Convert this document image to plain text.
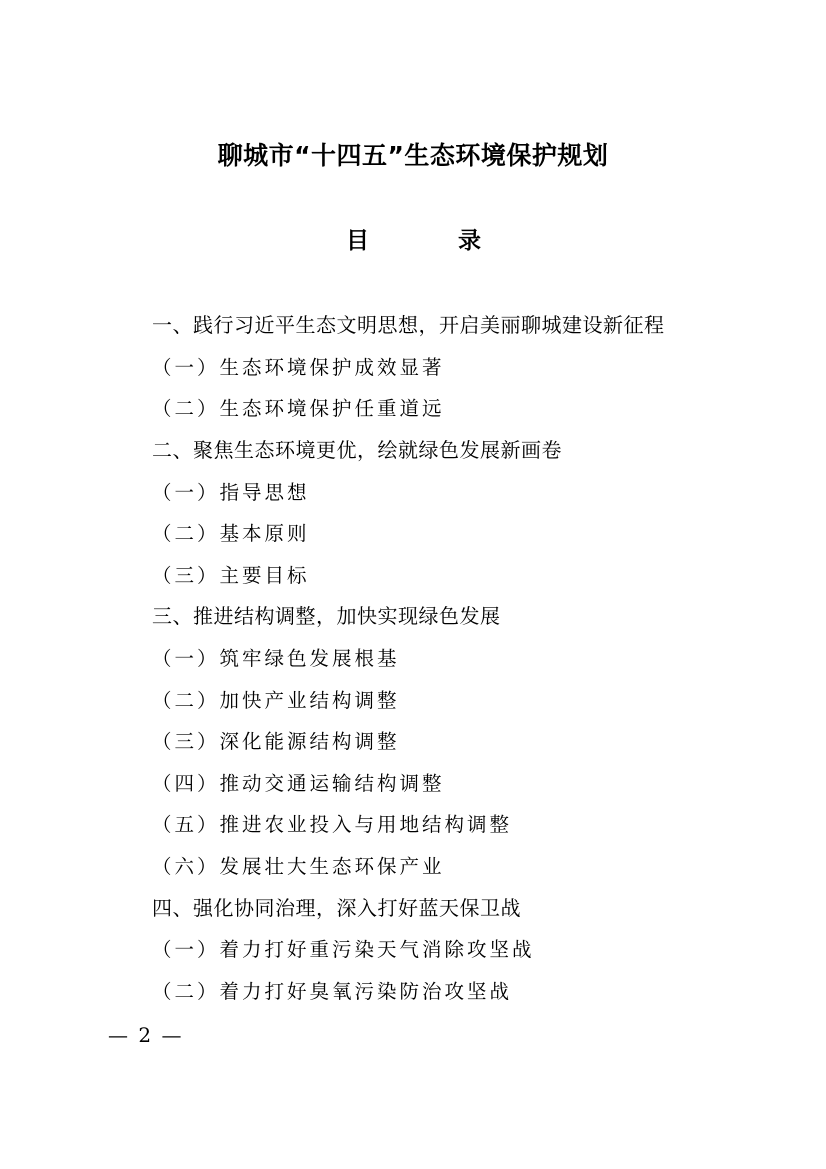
聊城市“十四五”生态环境保护规划
目	录
一、践行习近平生态文明思想，开启美丽聊城建设新征程
（一）生态环境保护成效显著
（二）生态环境保护任重道远
二、聚焦生态环境更优，绘就绿色发展新画卷
（一）指导思想
（二）基本原则
（三）主要目标
三、推进结构调整，加快实现绿色发展
（一）筑牢绿色发展根基
（二）加快产业结构调整
（三）深化能源结构调整
（四）推动交通运输结构调整
（五）推进农业投入与用地结构调整
（六）发展壮大生态环保产业
四、强化协同治理，深入打好蓝天保卫战
（一）着力打好重污染天气消除攻坚战
（二）着力打好臭氧污染防治攻坚战
— 2 —
